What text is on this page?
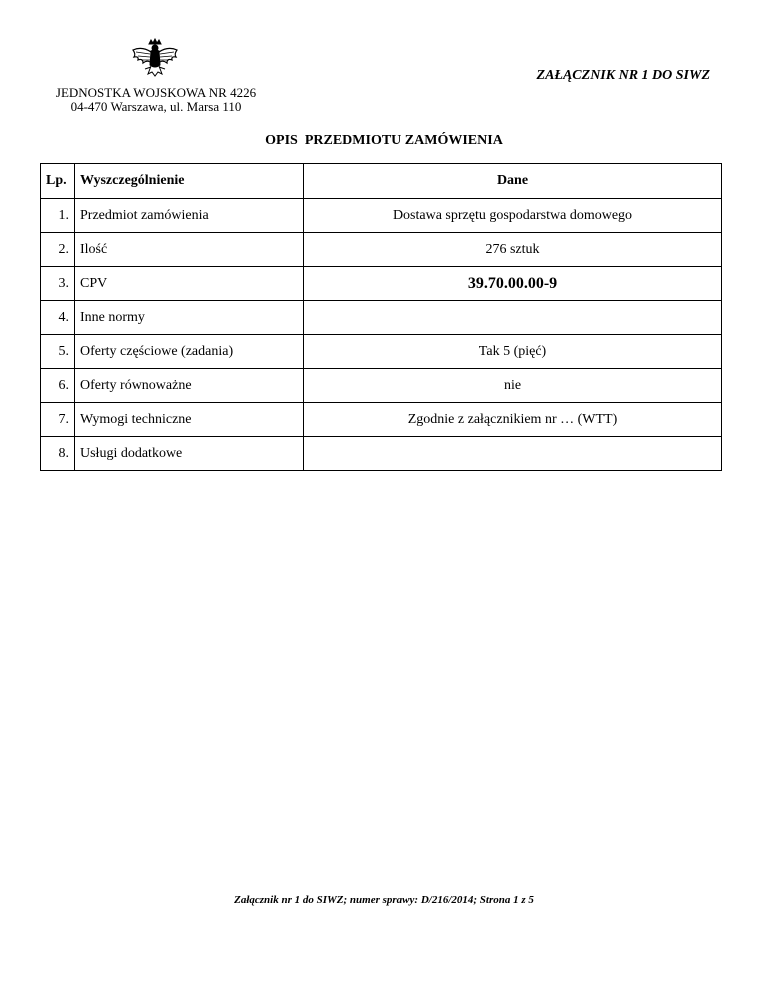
ZAŁĄCZNIK NR 1 DO SIWZ
JEDNOSTKA WOJSKOWA NR 4226
04-470 Warszawa, ul. Marsa 110
OPIS  PRZEDMIOTU ZAMÓWIENIA
Lp.	Wyszczególnienie	Dane
1.	Przedmiot zamówienia	Dostawa sprzętu gospodarstwa domowego
2.	Ilość	276 sztuk
3.	CPV	39.70.00.00-9
4.	Inne normy	
5.	Oferty częściowe (zadania)	Tak 5 (pięć)
6.	Oferty równoważne	nie
7.	Wymogi techniczne	Zgodnie z załącznikiem nr … (WTT)
8.	Usługi dodatkowe	
Załącznik nr 1 do SIWZ; numer sprawy: D/216/2014; Strona 1 z 5
